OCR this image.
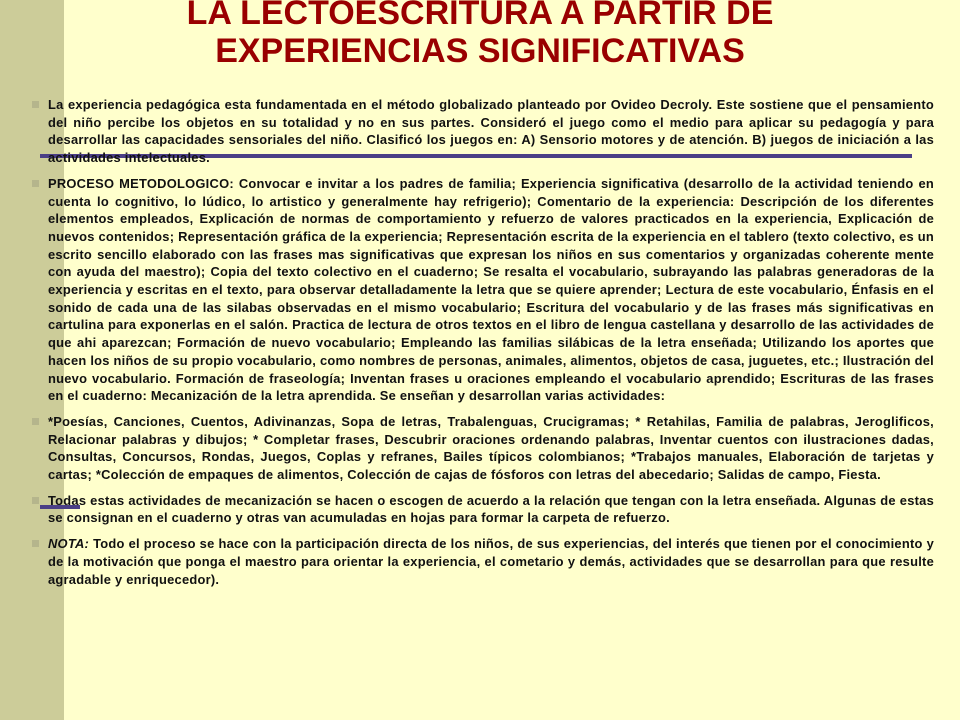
LA LECTOESCRITURA A PARTIR DE
EXPERIENCIAS SIGNIFICATIVAS
La experiencia pedagógica esta fundamentada en el método globalizado planteado por Ovideo Decroly. Este sostiene que el pensamiento del niño percibe los objetos en su totalidad y no en sus partes. Consideró el juego como el medio para aplicar su pedagogía y para desarrollar las capacidades sensoriales del niño. Clasificó los juegos en: A) Sensorio motores y de atención. B) juegos de iniciación a las actividades intelectuales.
PROCESO METODOLOGICO: Convocar e invitar a los padres de familia; Experiencia significativa (desarrollo de la actividad teniendo en cuenta lo cognitivo, lo lúdico, lo artistico y generalmente hay refrigerio); Comentario de la experiencia: Descripción de los diferentes elementos empleados, Explicación de normas de comportamiento y refuerzo de valores practicados en la experiencia, Explicación de nuevos contenidos; Representación gráfica de la experiencia; Representación escrita de la experiencia en el tablero (texto colectivo, es un escrito sencillo elaborado con las frases mas significativas que expresan los niños en sus comentarios y organizadas coherente mente con ayuda del maestro); Copia del texto colectivo en el cuaderno; Se resalta el vocabulario, subrayando las palabras generadoras de la experiencia y escritas en el texto, para observar detalladamente la letra que se quiere aprender; Lectura de este vocabulario, Énfasis en el sonido de cada una de las silabas observadas en el mismo vocabulario; Escritura del vocabulario y de las frases más significativas en cartulina para exponerlas en el salón. Practica de lectura de otros textos en el libro de lengua castellana y desarrollo de las actividades de que ahi aparezcan; Formación de nuevo vocabulario; Empleando las familias silábicas de la letra enseñada; Utilizando los aportes que hacen los niños de su propio vocabulario, como nombres de personas, animales, alimentos, objetos de casa, juguetes, etc.; Ilustración del nuevo vocabulario. Formación de fraseología; Inventan frases u oraciones empleando el vocabulario aprendido; Escrituras de las frases en el cuaderno: Mecanización de la letra aprendida. Se enseñan y desarrollan varias actividades:
*Poesías, Canciones, Cuentos, Adivinanzas, Sopa de letras, Trabalenguas, Crucigramas; * Retahilas, Familia de palabras, Jeroglificos, Relacionar palabras y dibujos; * Completar frases, Descubrir oraciones ordenando palabras, Inventar cuentos con ilustraciones dadas, Consultas, Concursos, Rondas, Juegos, Coplas y refranes, Bailes típicos colombianos; *Trabajos manuales, Elaboración de tarjetas y cartas; *Colección de empaques de alimentos, Colección de cajas de fósforos con letras del abecedario; Salidas de campo, Fiesta.
Todas estas actividades de mecanización se hacen o escogen de acuerdo a la relación que tengan con la letra enseñada. Algunas de estas se consignan en el cuaderno y otras van acumuladas en hojas para formar la carpeta de refuerzo.
NOTA: Todo el proceso se hace con la participación directa de los niños, de sus experiencias, del interés que tienen por el conocimiento y de la motivación que ponga el maestro para orientar la experiencia, el cometario y demás, actividades que se desarrollan para que resulte agradable y enriquecedor).
